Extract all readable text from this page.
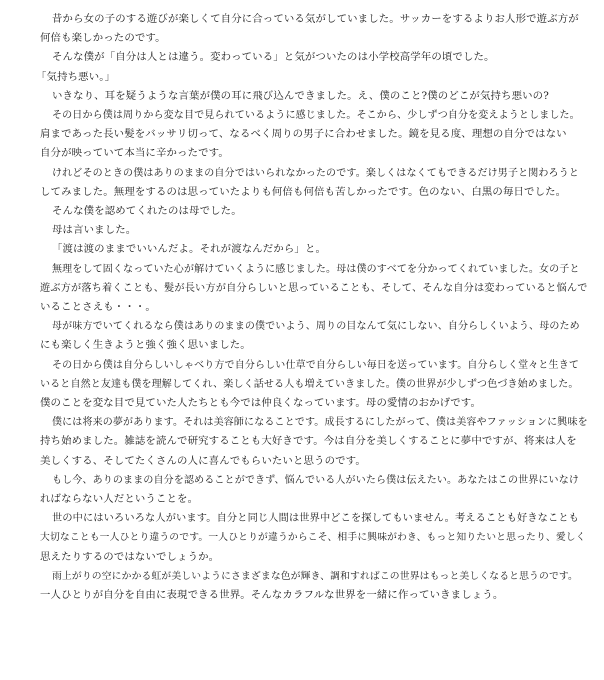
昔から女の子のする遊びが楽しくて自分に合っている気がしていました。サッカーをするよりお人形で遊ぶ方が
何倍も楽しかったのです。
そんな僕が「自分は人とは違う。変わっている」と気がついたのは小学校高学年の頃でした。
「気持ち悪い。」
いきなり、耳を疑うような言葉が僕の耳に飛び込んできました。え、僕のこと?僕のどこが気持ち悪いの?
その日から僕は周りから変な目で見られているように感じました。そこから、少しずつ自分を変えようとしました。
肩まであった長い髪をバッサリ切って、なるべく周りの男子に合わせました。鏡を見る度、理想の自分ではない
自分が映っていて本当に辛かったです。
けれどそのときの僕はありのままの自分ではいられなかったのです。楽しくはなくてもできるだけ男子と関わろうと
してみました。無理をするのは思っていたよりも何倍も何倍も苦しかったです。色のない、白黒の毎日でした。
そんな僕を認めてくれたのは母でした。
母は言いました。
「渡は渡のままでいいんだよ。それが渡なんだから」と。
無理をして固くなっていた心が解けていくように感じました。母は僕のすべてを分かってくれていました。女の子と
遊ぶ方が落ち着くことも、髪が長い方が自分らしいと思っていることも、そして、そんな自分は変わっていると悩んで
いることさえも・・・。
母が味方でいてくれるなら僕はありのままの僕でいよう、周りの目なんて気にしない、自分らしくいよう、母のため
にも楽しく生きようと強く強く思いました。
その日から僕は自分らしいしゃべり方で自分らしい仕草で自分らしい毎日を送っています。自分らしく堂々と生きて
いると自然と友達も僕を理解してくれ、楽しく話せる人も増えていきました。僕の世界が少しずつ色づき始めました。
僕のことを変な目で見ていた人たちとも今では仲良くなっています。母の愛情のおかげです。
僕には将来の夢があります。それは美容師になることです。成長するにしたがって、僕は美容やファッションに興味を
持ち始めました。雑誌を読んで研究することも大好きです。今は自分を美しくすることに夢中ですが、将来は人を
美しくする、そしてたくさんの人に喜んでもらいたいと思うのです。
もし今、ありのままの自分を認めることができず、悩んでいる人がいたら僕は伝えたい。あなたはこの世界にいなけ
ればならない人だということを。
世の中にはいろいろな人がいます。自分と同じ人間は世界中どこを探してもいません。考えることも好きなことも
大切なことも一人ひとり違うのです。一人ひとりが違うからこそ、相手に興味がわき、もっと知りたいと思ったり、愛しく
思えたりするのではないでしょうか。
雨上がりの空にかかる虹が美しいようにさまざまな色が輝き、調和すればこの世界はもっと美しくなると思うのです。
一人ひとりが自分を自由に表現できる世界。そんなカラフルな世界を一緒に作っていきましょう。
